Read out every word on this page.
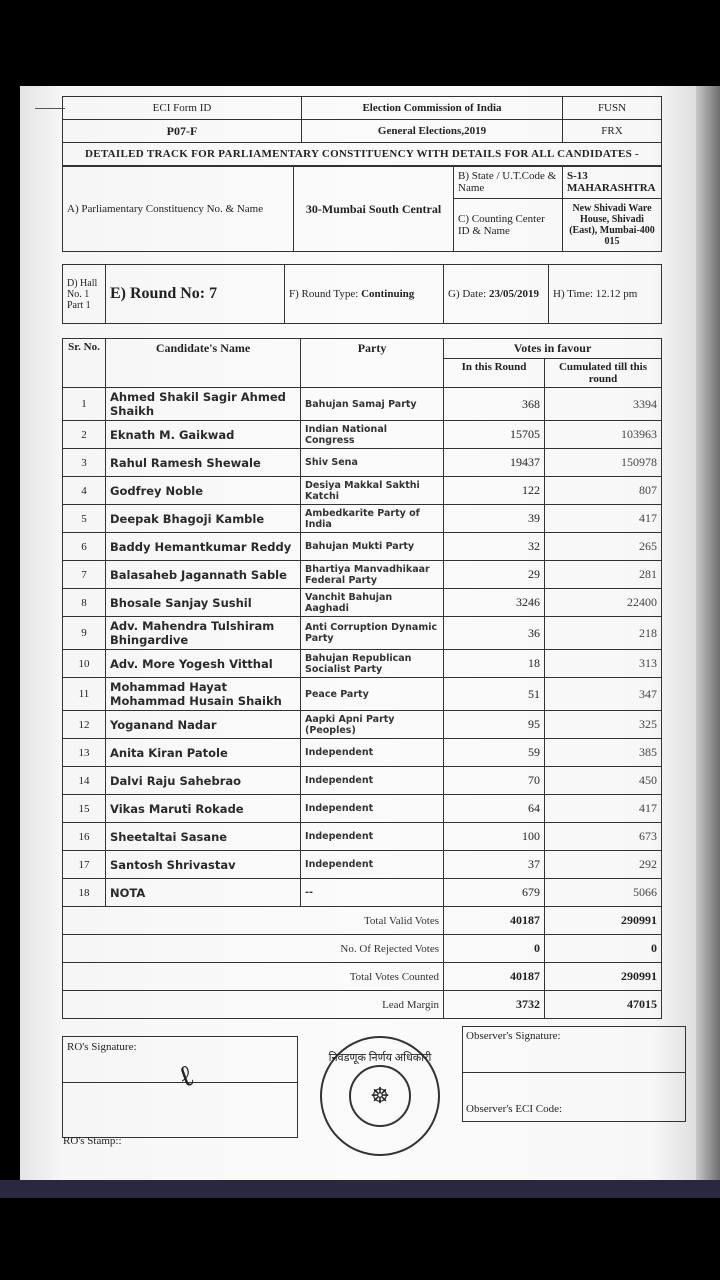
ECI Form ID	Election Commission of India	FUSN
P07-F	General Elections,2019	FRX
DETAILED TRACK FOR PARLIAMENTARY CONSTITUENCY WITH DETAILS FOR ALL CANDIDATES -		
A) Parliamentary Constituency No. & Name	30-Mumbai South Central	B) State / U.T.Code & Name	S-13
MAHARASHTRA

		C) Counting Center ID & Name	New Shivadi Ware House, Shivadi (East), Mumbai-400 015
D) Hall No. 1 Part 1	E) Round No: 7	F) Round Type: Continuing	G) Date: 23/05/2019	H) Time: 12.12 pm
Sr. No.	Candidate's Name	Party	Votes in favour	
			In this Round	Cumulated till this round
1	Ahmed Shakil Sagir Ahmed Shaikh	Bahujan Samaj Party	368	3394
2	Eknath M. Gaikwad	Indian National Congress	15705	103963
3	Rahul Ramesh Shewale	Shiv Sena	19437	150978
4	Godfrey Noble	Desiya Makkal Sakthi Katchi	122	807
5	Deepak Bhagoji Kamble	Ambedkarite Party of India	39	417
6	Baddy Hemantkumar Reddy	Bahujan Mukti Party	32	265
7	Balasaheb Jagannath Sable	Bhartiya Manvadhikaar Federal Party	29	281
8	Bhosale Sanjay Sushil	Vanchit Bahujan Aaghadi	3246	22400
9	Adv. Mahendra Tulshiram Bhingardive	Anti Corruption Dynamic Party	36	218
10	Adv. More Yogesh Vitthal	Bahujan Republican Socialist Party	18	313
11	Mohammad Hayat Mohammad Husain Shaikh	Peace Party	51	347
12	Yoganand Nadar	Aapki Apni Party (Peoples)	95	325
13	Anita Kiran Patole	Independent	59	385
14	Dalvi Raju Sahebrao	Independent	70	450
15	Vikas Maruti Rokade	Independent	64	417
16	Sheetaltai Sasane	Independent	100	673
17	Santosh Shrivastav	Independent	37	292
18	NOTA	--	679	5066
Total Valid Votes			40187	290991
No. Of Rejected Votes			0	0
Total Votes Counted			40187	290991
Lead Margin			3732	47015
RO's Signature:
ℓ
RO's Stamp::
निवडणूक निर्णय अधिकारी
☸
Observer's Signature:
Observer's ECI Code:
